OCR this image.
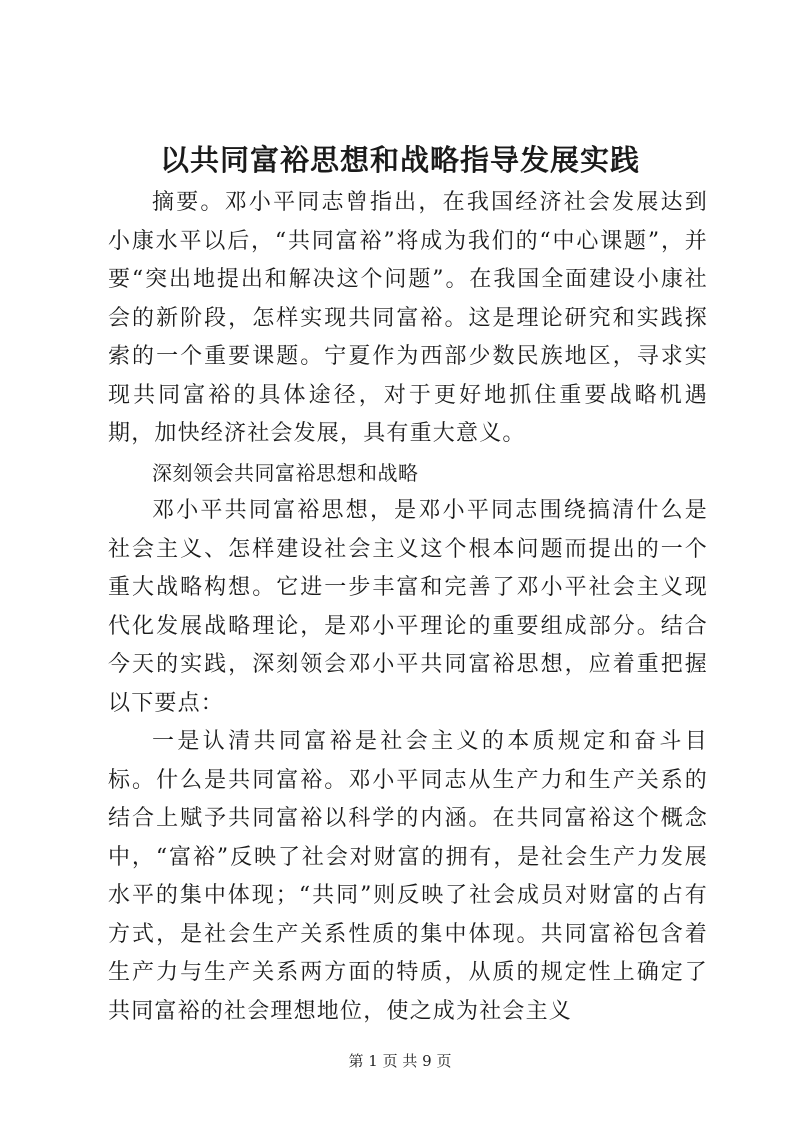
以共同富裕思想和战略指导发展实践

摘要。邓小平同志曾指出，在我国经济社会发展达到小康水平以后，“共同富裕”将成为我们的“中心课题”，并要“突出地提出和解决这个问题”。在我国全面建设小康社会的新阶段，怎样实现共同富裕。这是理论研究和实践探索的一个重要课题。宁夏作为西部少数民族地区，寻求实现共同富裕的具体途径，对于更好地抓住重要战略机遇期，加快经济社会发展，具有重大意义。

深刻领会共同富裕思想和战略

邓小平共同富裕思想，是邓小平同志围绕搞清什么是社会主义、怎样建设社会主义这个根本问题而提出的一个重大战略构想。它进一步丰富和完善了邓小平社会主义现代化发展战略理论，是邓小平理论的重要组成部分。结合今天的实践，深刻领会邓小平共同富裕思想，应着重把握以下要点：

一是认清共同富裕是社会主义的本质规定和奋斗目标。什么是共同富裕。邓小平同志从生产力和生产关系的结合上赋予共同富裕以科学的内涵。在共同富裕这个概念中，“富裕”反映了社会对财富的拥有，是社会生产力发展水平的集中体现；“共同”则反映了社会成员对财富的占有方式，是社会生产关系性质的集中体现。共同富裕包含着生产力与生产关系两方面的特质，从质的规定性上确定了共同富裕的社会理想地位，使之成为社会主义

第 1 页 共 9 页
